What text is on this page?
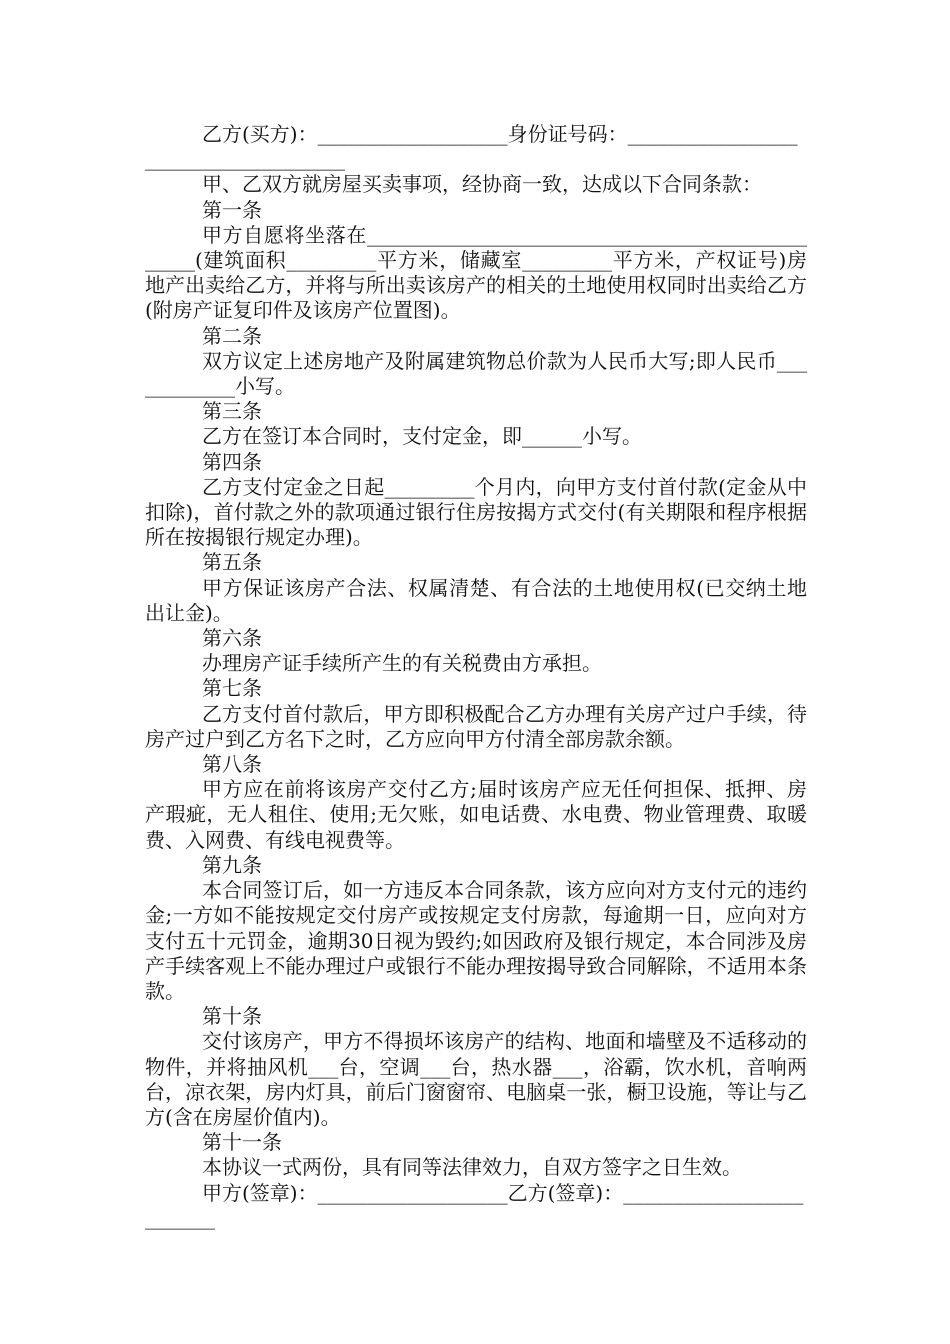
乙方(买方)：___________________身份证号码：_____________________________________

甲、乙双方就房屋买卖事项，经协商一致，达成以下合同条款：

第一条

甲方自愿将坐落在_________________________________________________(建筑面积_________平方米，储藏室_________平方米，产权证号)房地产出卖给乙方，并将与所出卖该房产的相关的土地使用权同时出卖给乙方(附房产证复印件及该房产位置图)。

第二条

双方议定上述房地产及附属建筑物总价款为人民币大写;即人民币____________小写。

第三条

乙方在签订本合同时，支付定金，即______小写。

第四条

乙方支付定金之日起_________个月内，向甲方支付首付款(定金从中扣除)，首付款之外的款项通过银行住房按揭方式交付(有关期限和程序根据所在按揭银行规定办理)。

第五条

甲方保证该房产合法、权属清楚、有合法的土地使用权(已交纳土地出让金)。

第六条

办理房产证手续所产生的有关税费由方承担。

第七条

乙方支付首付款后，甲方即积极配合乙方办理有关房产过户手续，待房产过户到乙方名下之时，乙方应向甲方付清全部房款余额。

第八条

甲方应在前将该房产交付乙方;届时该房产应无任何担保、抵押、房产瑕疵，无人租住、使用;无欠账，如电话费、水电费、物业管理费、取暖费、入网费、有线电视费等。

第九条

本合同签订后，如一方违反本合同条款，该方应向对方支付元的违约金;一方如不能按规定交付房产或按规定支付房款，每逾期一日，应向对方支付五十元罚金，逾期30日视为毁约;如因政府及银行规定，本合同涉及房产手续客观上不能办理过户或银行不能办理按揭导致合同解除，不适用本条款。

第十条

交付该房产，甲方不得损坏该房产的结构、地面和墙壁及不适移动的物件，并将抽风机___台，空调___台，热水器___，浴霸，饮水机，音响两台，凉衣架，房内灯具，前后门窗窗帘、电脑桌一张，橱卫设施，等让与乙方(含在房屋价值内)。

第十一条

本协议一式两份，具有同等法律效力，自双方签字之日生效。

甲方(签章)：___________________乙方(签章)：_________________________
